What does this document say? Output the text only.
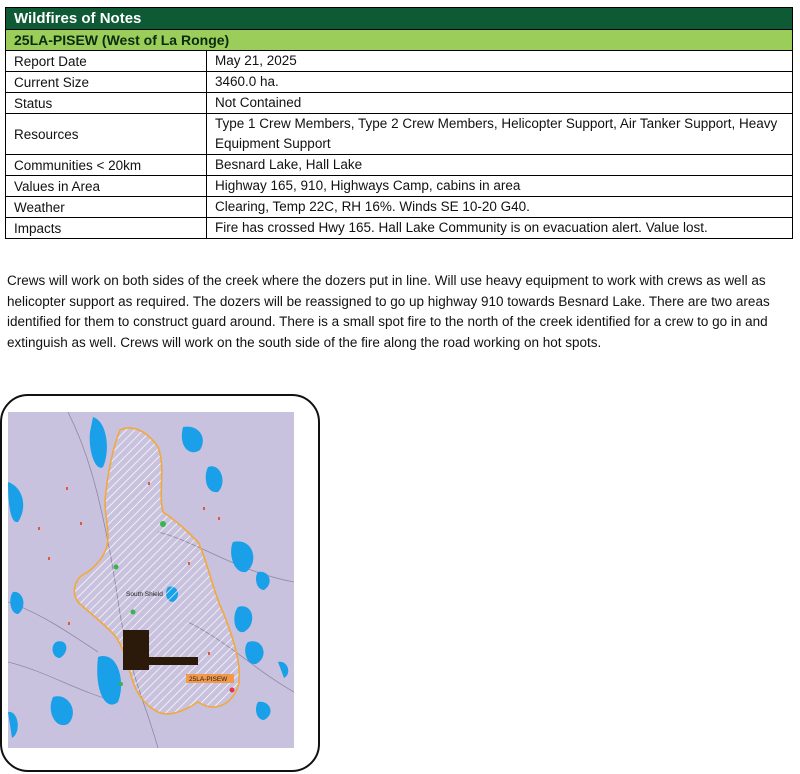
Wildfires of Notes
25LA-PISEW (West of La Ronge)
Report Date	May 21, 2025
Current Size	3460.0 ha.
Status	Not Contained
Resources	Type 1 Crew Members, Type 2 Crew Members, Helicopter Support, Air Tanker Support, Heavy Equipment Support
Communities < 20km	Besnard Lake, Hall Lake
Values in Area	Highway 165, 910, Highways Camp, cabins in area
Weather	Clearing, Temp 22C, RH 16%. Winds SE 10-20 G40.
Impacts	Fire has crossed Hwy 165. Hall Lake Community is on evacuation alert. Value lost.

Crews will work on both sides of the creek where the dozers put in line. Will use heavy equipment to work with crews as well as helicopter support as required. The dozers will be reassigned to go up highway 910 towards Besnard Lake. There are two areas identified for them to construct guard around. There is a small spot fire to the north of the creek identified for a crew to go in and extinguish as well. Crews will work on the south side of the fire along the road working on hot spots.

South Shield
25LA-PISEW
